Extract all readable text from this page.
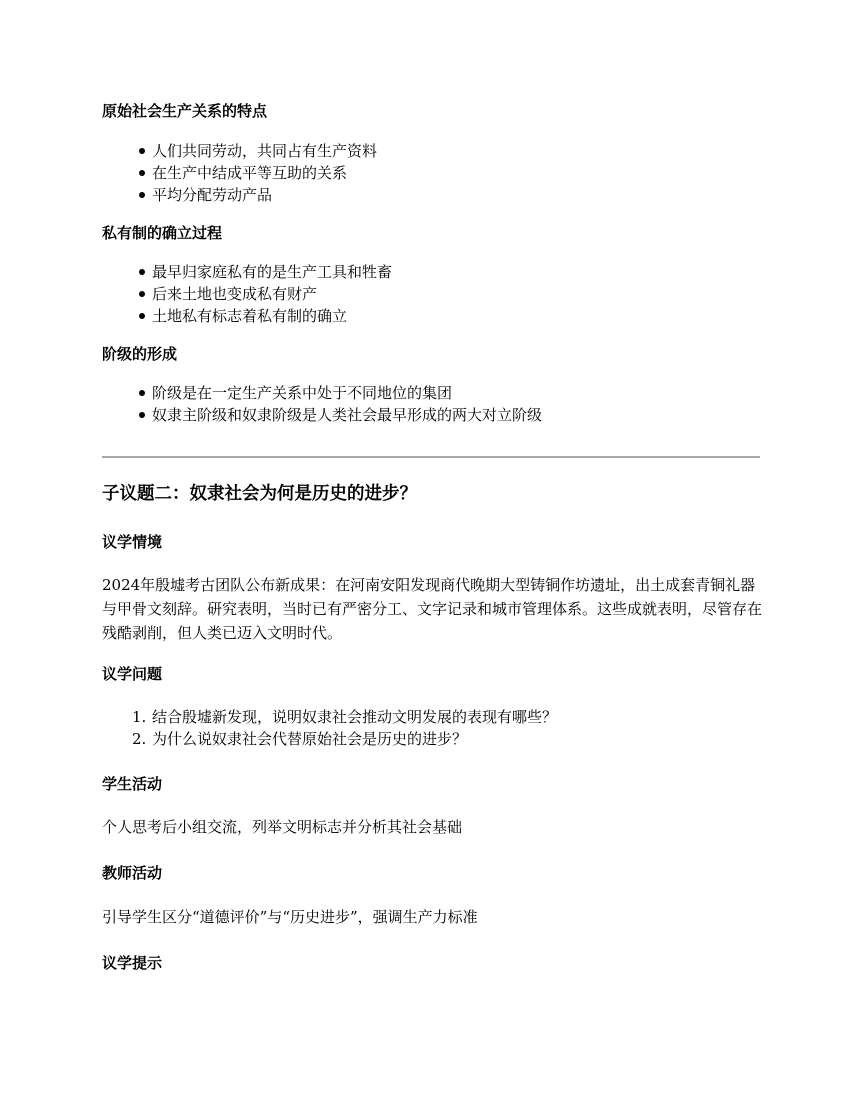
原始社会生产关系的特点
人们共同劳动，共同占有生产资料
在生产中结成平等互助的关系
平均分配劳动产品
私有制的确立过程
最早归家庭私有的是生产工具和牲畜
后来土地也变成私有财产
土地私有标志着私有制的确立
阶级的形成
阶级是在一定生产关系中处于不同地位的集团
奴隶主阶级和奴隶阶级是人类社会最早形成的两大对立阶级
子议题二：奴隶社会为何是历史的进步？
议学情境

2024年殷墟考古团队公布新成果：在河南安阳发现商代晚期大型铸铜作坊遗址，出土成套青铜礼器与甲骨文刻辞。研究表明，当时已有严密分工、文字记录和城市管理体系。这些成就表明，尽管存在残酷剥削，但人类已迈入文明时代。

议学问题
1. 结合殷墟新发现，说明奴隶社会推动文明发展的表现有哪些？
2. 为什么说奴隶社会代替原始社会是历史的进步？
学生活动

个人思考后小组交流，列举文明标志并分析其社会基础

教师活动

引导学生区分“道德评价”与“历史进步”，强调生产力标准

议学提示
